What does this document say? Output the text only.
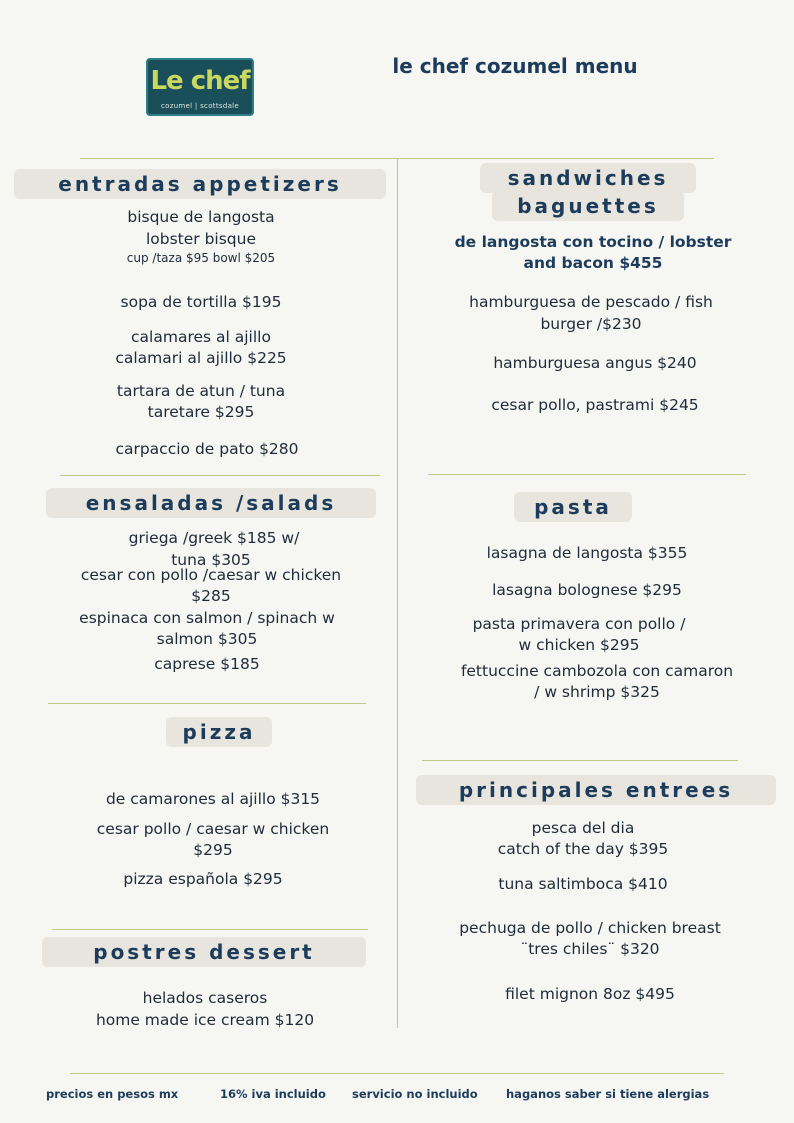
Le chef
cozumel | scottsdale
le chef cozumel menu
entradas appetizers
bisque de langosta
lobster bisque
cup /taza $95 bowl $205
sopa de tortilla $195
calamares al ajillo
calamari al ajillo $225
tartara de atun / tuna
taretare $295
carpaccio de pato $280
ensaladas /salads
griega /greek $185 w/
tuna $305
cesar con pollo /caesar w chicken
$285
espinaca con salmon / spinach w
salmon $305
caprese $185
pizza
de camarones al ajillo $315
cesar pollo / caesar w chicken
$295
pizza española $295
postres dessert
helados caseros
home made ice cream $120
sandwiches
baguettes
de langosta con tocino / lobster
and bacon $455
hamburguesa de pescado / fish
burger /$230
hamburguesa angus $240
cesar pollo, pastrami $245
pasta
lasagna de langosta $355
lasagna bolognese $295
pasta primavera con pollo /
w chicken $295
fettuccine cambozola con camaron
/ w shrimp $325
principales entrees
pesca del dia
catch of the day $395
tuna saltimboca $410
pechuga de pollo / chicken breast
¨tres chiles¨ $320
filet mignon 8oz $495
precios en pesos mx	16% iva incluido servicio no incluido haganos saber si tiene alergias
